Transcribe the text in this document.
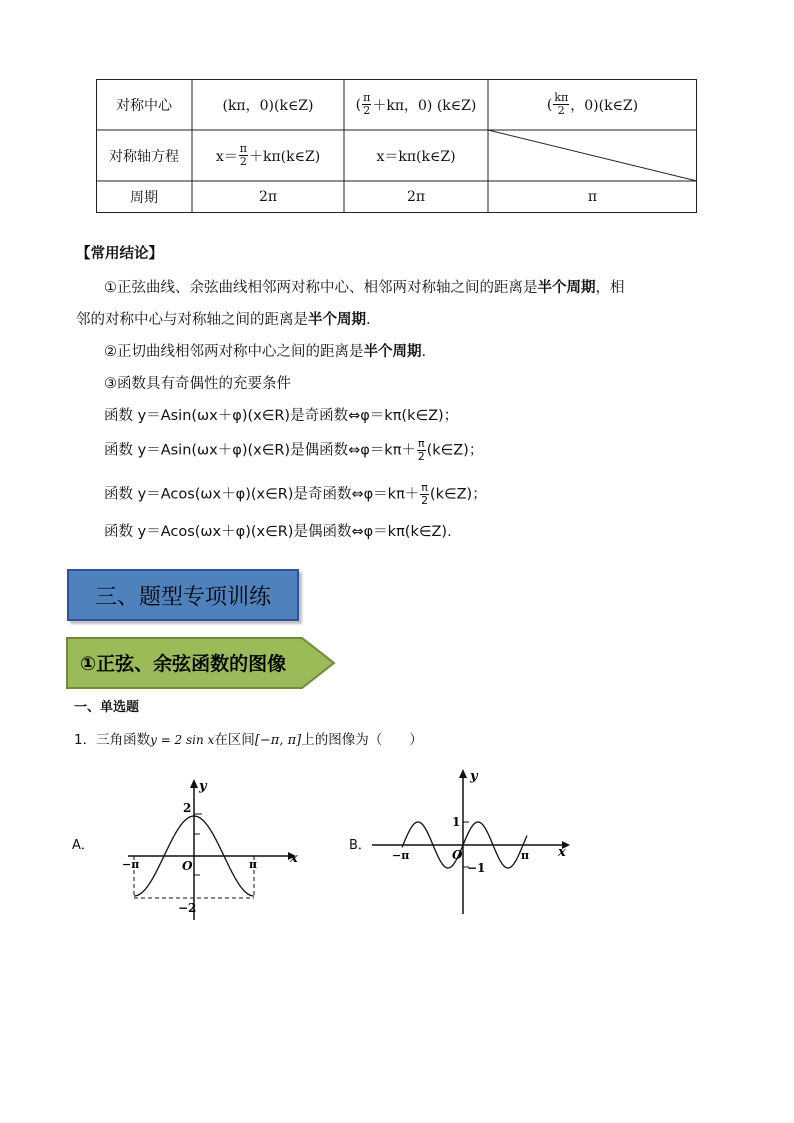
对称中心	(kπ，0)(k∈Z)	( $\frac{\pi}{2} +k\pi$，0) (k∈Z)	( $\frac{k\pi}{2}$ ，0)(k∈Z)
对称轴方程	$x= \frac{\pi}{2}$ ＋kπ(k∈Z)	x＝kπ(k∈Z)
周期	2π	2π	π
【常用结论】
①正弦曲线、余弦曲线相邻两对称中心、相邻两对称轴之间的距离是半个周期，相
邻的对称中心与对称轴之间的距离是半个周期.
②正切曲线相邻两对称中心之间的距离是半个周期.
③函数具有奇偶性的充要条件
函数 y＝Asin(ωx＋φ)(x∈R)是奇函数⇔φ＝kπ(k∈Z)；
函数 y＝Asin(ωx＋φ)(x∈R)是偶函数⇔φ＝kπ＋ $\frac{\pi}{2}$ (k∈Z)；
函数 y＝Acos(ωx＋φ)(x∈R)是奇函数⇔φ＝kπ＋ $\frac{\pi}{2}$ (k∈Z)；
函数 y＝Acos(ωx＋φ)(x∈R)是偶函数⇔φ＝kπ(k∈Z).
三、题型专项训练
①正弦、余弦函数的图像
一、单选题
1．三角函数y = 2 sin x在区间[−π, π]上的图像为（　　）
A．
y
x
O
−π	π
2
−2
B．
y
x
O
−π	π
1
−1
